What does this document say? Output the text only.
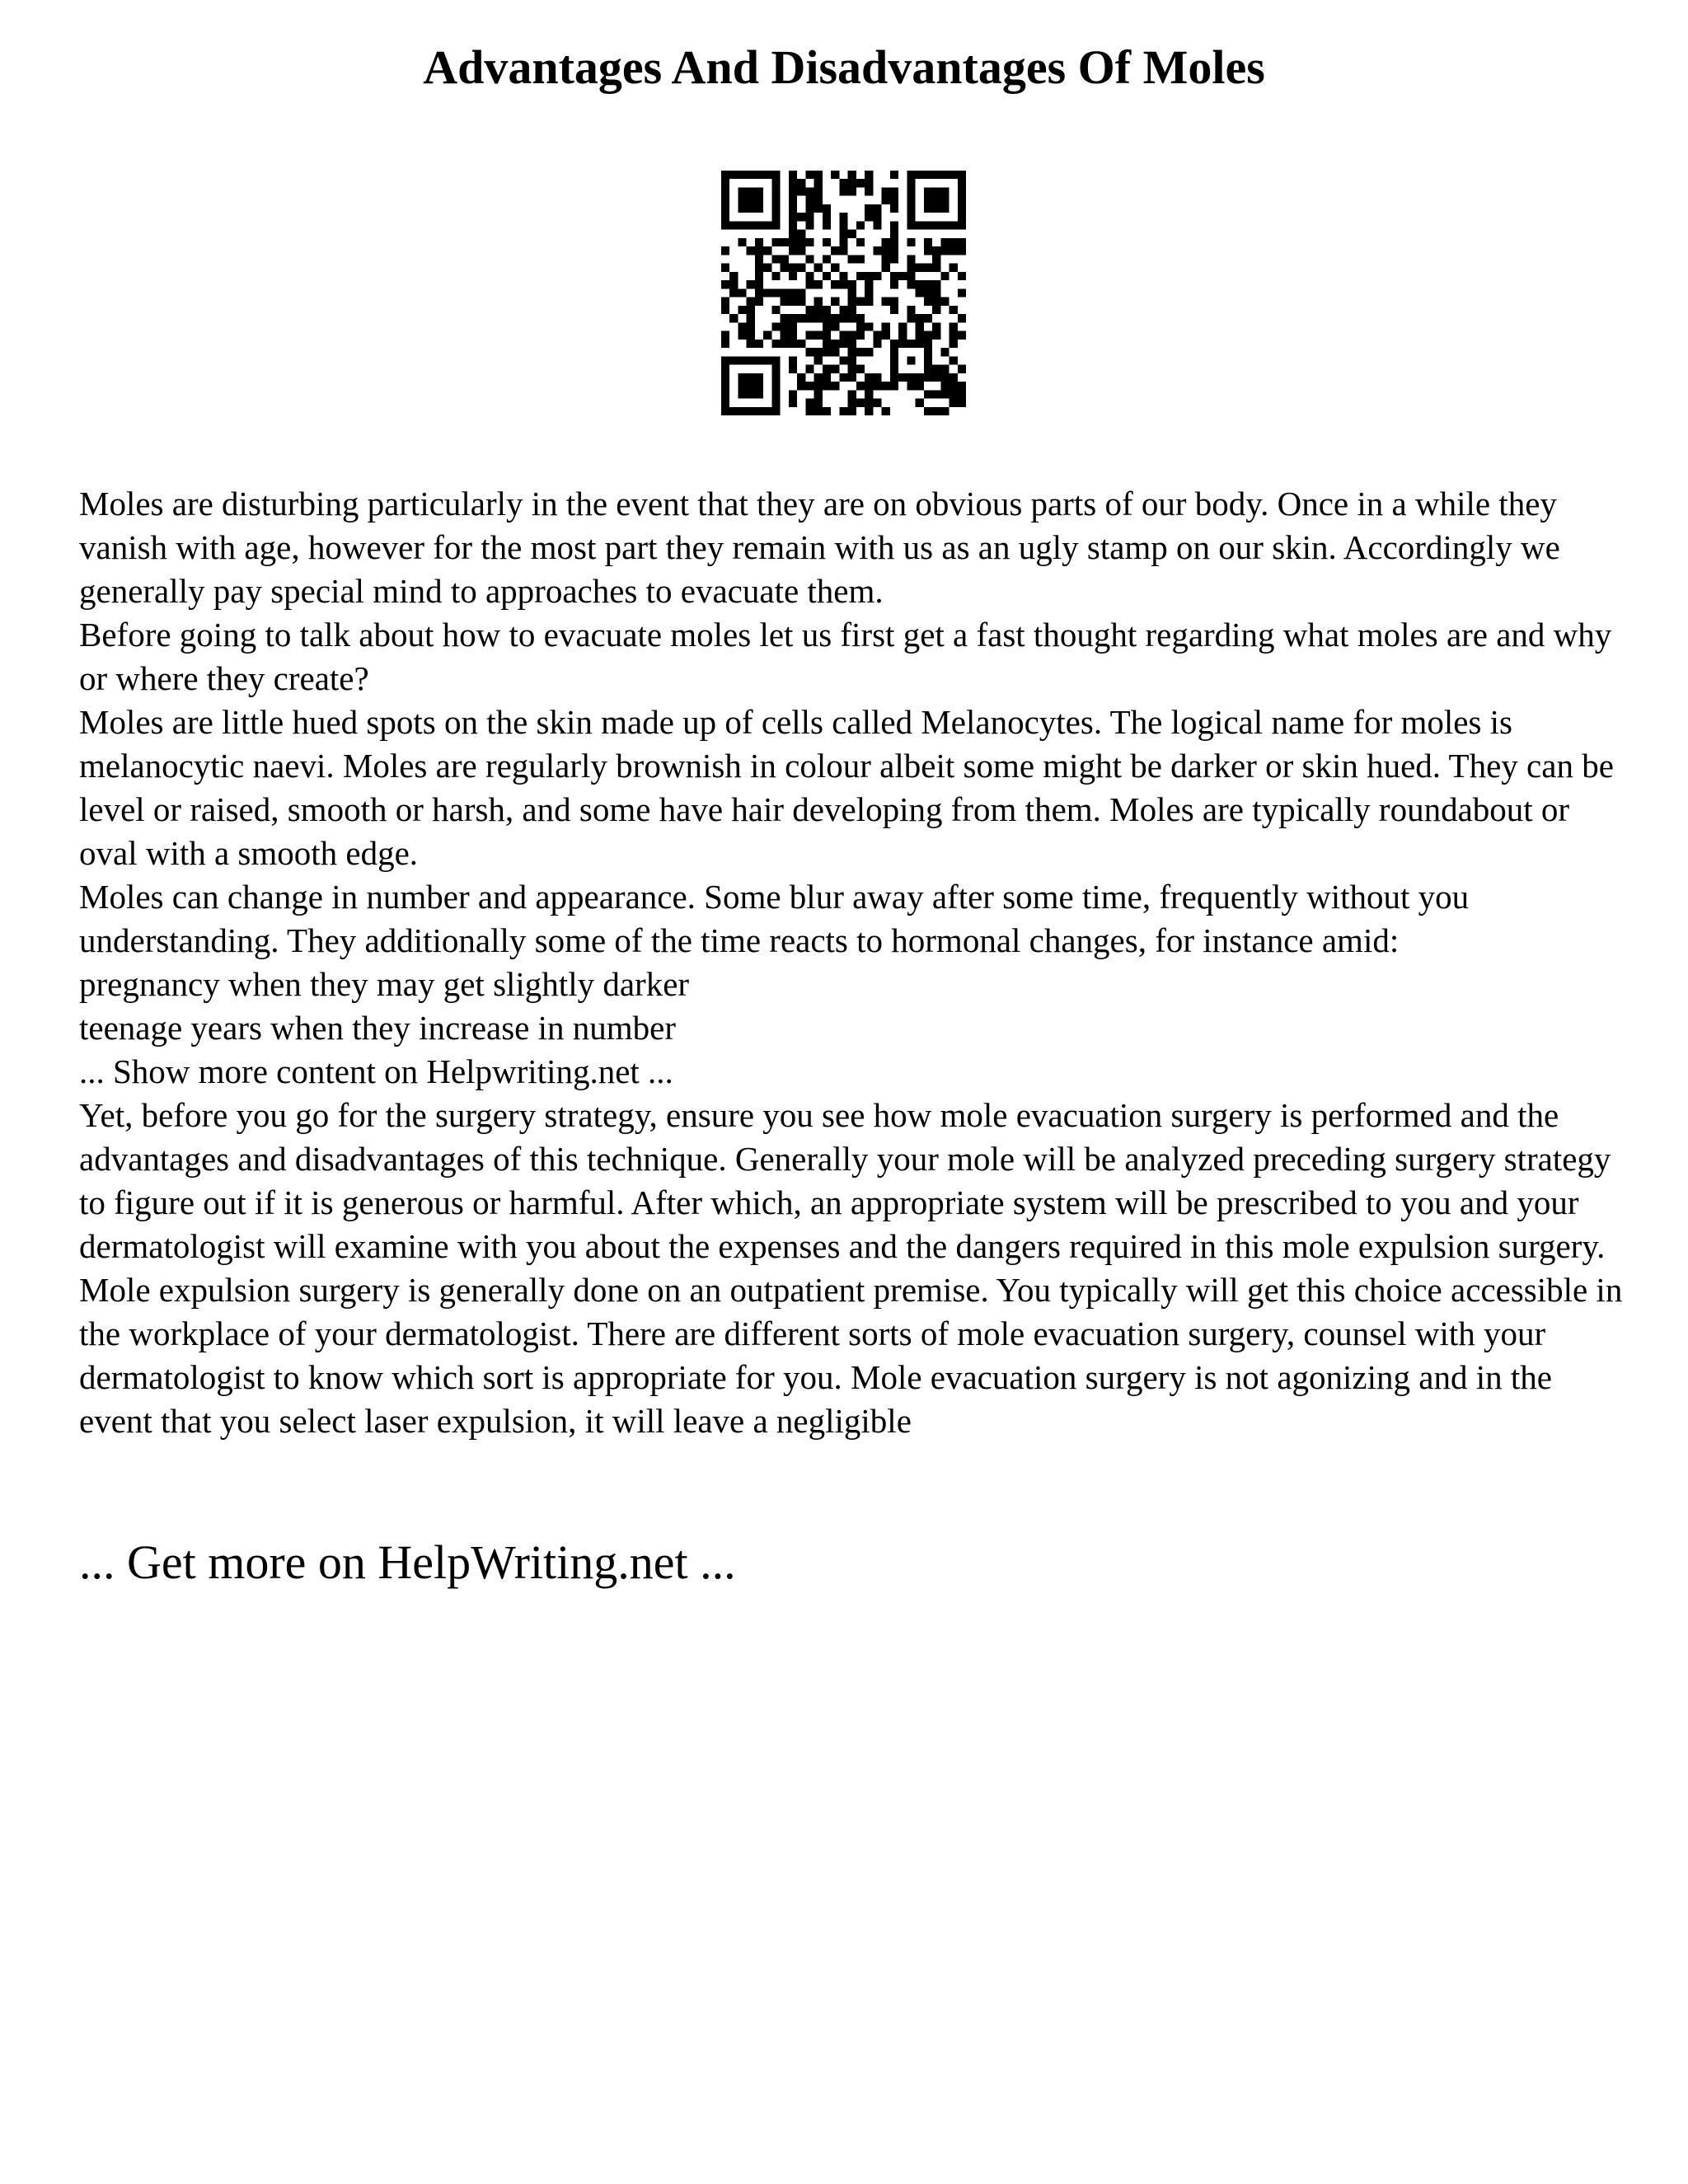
Advantages And Disadvantages Of Moles

Moles are disturbing particularly in the event that they are on obvious parts of our body. Once in a while they vanish with age, however for the most part they remain with us as an ugly stamp on our skin. Accordingly we generally pay special mind to approaches to evacuate them.

Before going to talk about how to evacuate moles let us first get a fast thought regarding what moles are and why or where they create?

Moles are little hued spots on the skin made up of cells called Melanocytes. The logical name for moles is melanocytic naevi. Moles are regularly brownish in colour albeit some might be darker or skin hued. They can be level or raised, smooth or harsh, and some have hair developing from them. Moles are typically roundabout or oval with a smooth edge.

Moles can change in number and appearance. Some blur away after some time, frequently without you understanding. They additionally some of the time reacts to hormonal changes, for instance amid:

pregnancy when they may get slightly darker

teenage years when they increase in number

... Show more content on Helpwriting.net ...

Yet, before you go for the surgery strategy, ensure you see how mole evacuation surgery is performed and the advantages and disadvantages of this technique. Generally your mole will be analyzed preceding surgery strategy to figure out if it is generous or harmful. After which, an appropriate system will be prescribed to you and your dermatologist will examine with you about the expenses and the dangers required in this mole expulsion surgery. Mole expulsion surgery is generally done on an outpatient premise. You typically will get this choice accessible in the workplace of your dermatologist. There are different sorts of mole evacuation surgery, counsel with your dermatologist to know which sort is appropriate for you. Mole evacuation surgery is not agonizing and in the event that you select laser expulsion, it will leave a negligible

... Get more on HelpWriting.net ...
